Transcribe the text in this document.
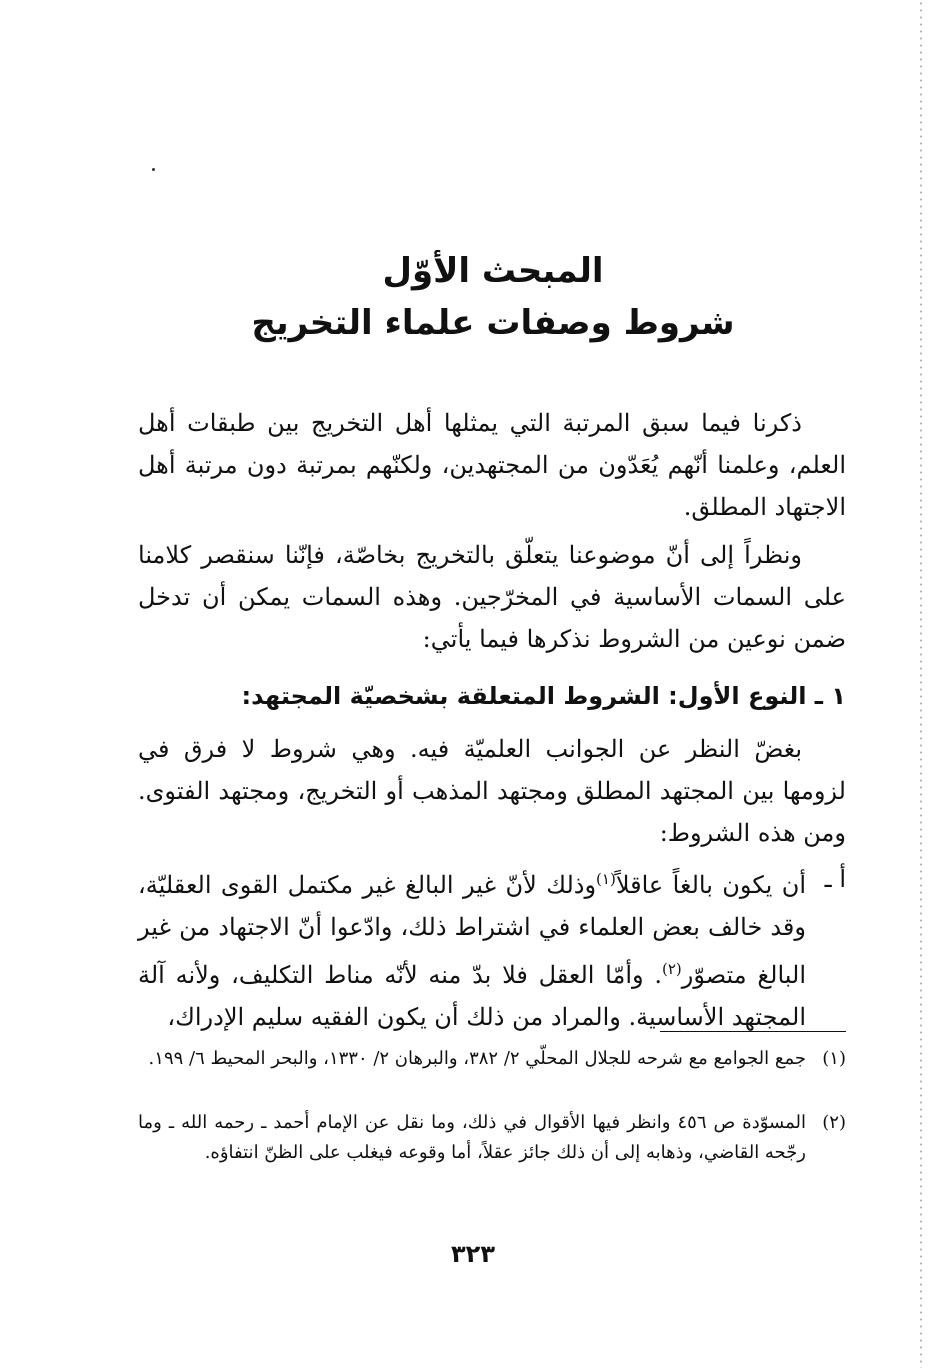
المبحث الأوّل
شروط وصفات علماء التخريج

ذكرنا فيما سبق المرتبة التي يمثلها أهل التخريج بين طبقات أهل العلم، وعلمنا أنّهم يُعَدّون من المجتهدين، ولكنّهم بمرتبة دون مرتبة أهل الاجتهاد المطلق.

ونظراً إلى أنّ موضوعنا يتعلّق بالتخريج بخاصّة، فإنّنا سنقصر كلامنا على السمات الأساسية في المخرّجين. وهذه السمات يمكن أن تدخل ضمن نوعين من الشروط نذكرها فيما يأتي:

١ ـ النوع الأول: الشروط المتعلقة بشخصيّة المجتهد:

بغضّ النظر عن الجوانب العلميّة فيه. وهي شروط لا فرق في لزومها بين المجتهد المطلق ومجتهد المذهب أو التخريج، ومجتهد الفتوى. ومن هذه الشروط:

أ ـ
أن يكون بالغاً عاقلاً$^{(١)}$وذلك لأنّ غير البالغ غير مكتمل القوى العقليّة، وقد خالف بعض العلماء في اشتراط ذلك، وادّعوا أنّ الاجتهاد من غير البالغ متصوّر$^{(٢)}$. وأمّا العقل فلا بدّ منه لأنّه مناط التكليف، ولأنه آلة المجتهد الأساسية. والمراد من ذلك أن يكون الفقيه سليم الإدراك،
(١)
جمع الجوامع مع شرحه للجلال المحلّي ٢/ ٣٨٢، والبرهان ٢/ ١٣٣٠، والبحر المحيط ٦/ ١٩٩.
(٢)
المسوّدة ص ٤٥٦ وانظر فيها الأقوال في ذلك، وما نقل عن الإمام أحمد ـ رحمه الله ـ وما رجّحه القاضي، وذهابه إلى أن ذلك جائز عقلاً، أما وقوعه فيغلب على الظنّ انتفاؤه.
٣٢٣
